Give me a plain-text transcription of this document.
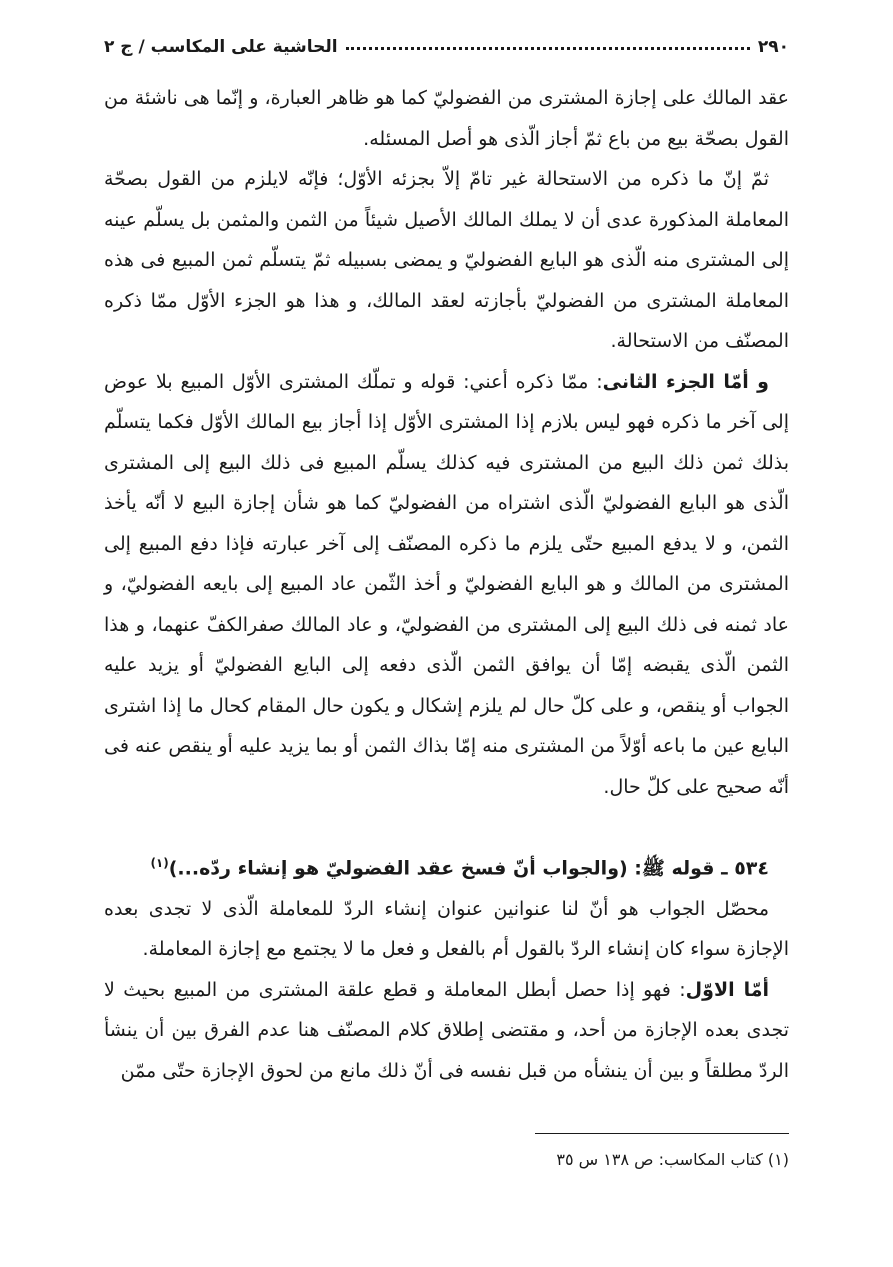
٢٩٠
الحاشية على المكاسب / ج ٢

عقد المالك على إجازة المشترى من الفضوليّ كما هو ظاهر العبارة، و إنّما هى ناشئة من القول بصحّة بيع من باع ثمّ أجاز الّذى هو أصل المسئله.

ثمّ إنّ ما ذكره من الاستحالة غير تامّ إلاّ بجزئه الأوّل؛ فإنّه لايلزم من القول بصحّة المعاملة المذكورة عدى أن لا يملك المالك الأصيل شيئاً من الثمن والمثمن بل يسلّم عينه إلى المشترى منه الّذى هو البايع الفضوليّ و يمضى بسبيله ثمّ يتسلّم ثمن المبيع فى هذه المعاملة المشترى من الفضوليّ بأجازته لعقد المالك، و هذا هو الجزء الأوّل ممّا ذكره المصنّف من الاستحالة.

و أمّا الجزء الثانى: ممّا ذكره أعني: قوله و تملّك المشترى الأوّل المبيع بلا عوض إلى آخر ما ذكره فهو ليس بلازم إذا المشترى الأوّل إذا أجاز بيع المالك الأوّل فكما يتسلّم بذلك ثمن ذلك البيع من المشترى فيه كذلك يسلّم المبيع فى ذلك البيع إلى المشترى الّذى هو البايع الفضوليّ الّذى اشتراه من الفضوليّ كما هو شأن إجازة البيع لا أنّه يأخذ الثمن، و لا يدفع المبيع حتّى يلزم ما ذكره المصنّف إلى آخر عبارته فإذا دفع المبيع إلى المشترى من المالك و هو البايع الفضوليّ و أخذ الثّمن عاد المبيع إلى بايعه الفضوليّ، و عاد ثمنه فى ذلك البيع إلى المشترى من الفضوليّ، و عاد المالك صفرالكفّ عنهما، و هذا الثمن الّذى يقبضه إمّا أن يوافق الثمن الّذى دفعه إلى البايع الفضوليّ أو يزيد عليه الجواب أو ينقص، و على كلّ حال لم يلزم إشكال و يكون حال المقام كحال ما إذا اشترى البايع عين ما باعه أوّلاً من المشترى منه إمّا بذاك الثمن أو بما يزيد عليه أو ينقص عنه فى أنّه صحيح على كلّ حال.

٥٣٤ ـ قوله ﷺ: (والجواب أنّ فسخ عقد الفضوليّ هو إنشاء ردّه...)$^{(١)}$

محصّل الجواب هو أنّ لنا عنوانين عنوان إنشاء الردّ للمعاملة الّذى لا تجدى بعده الإجازة سواء كان إنشاء الردّ بالقول أم بالفعل و فعل ما لا يجتمع مع إجازة المعاملة.

أمّا الاوّل: فهو إذا حصل أبطل المعاملة و قطع علقة المشترى من المبيع بحيث لا تجدى بعده الإجازة من أحد، و مقتضى إطلاق كلام المصنّف هنا عدم الفرق بين أن ينشأ الردّ مطلقاً و بين أن ينشأه من قبل نفسه فى أنّ ذلك مانع من لحوق الإجازة حتّى ممّن

(١) كتاب المكاسب: ص ١٣٨ س ٣٥
